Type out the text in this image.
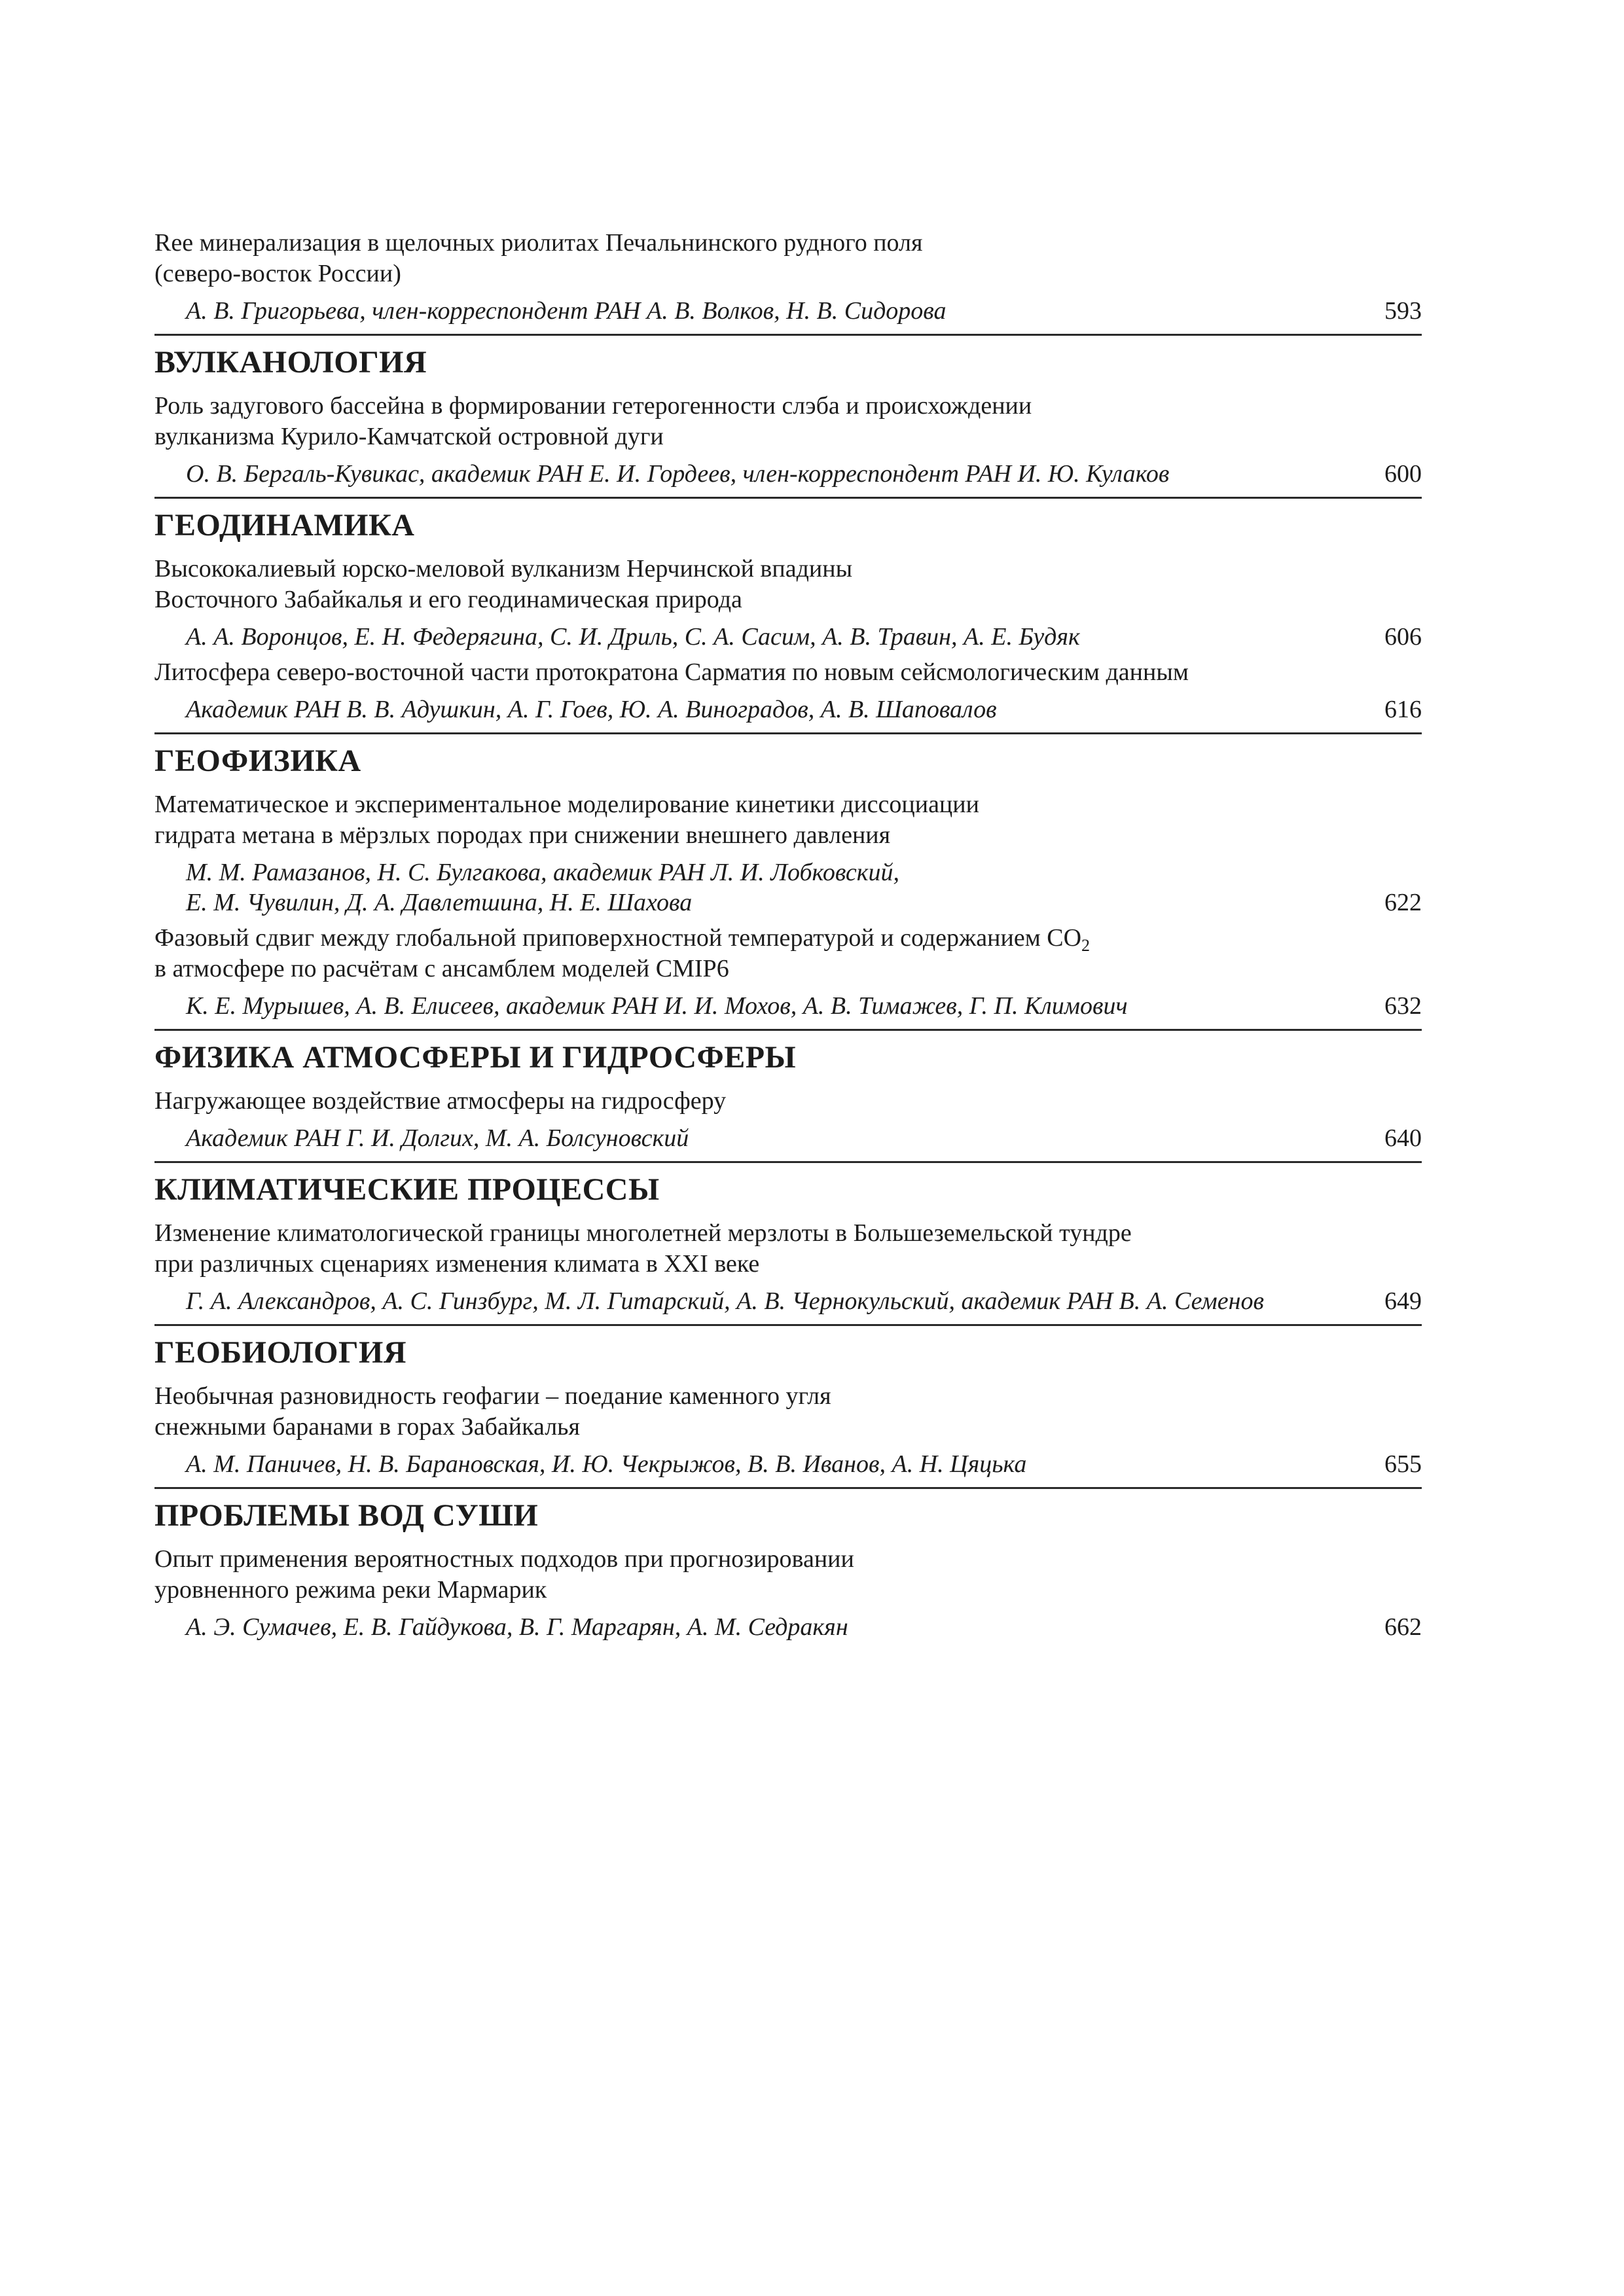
Ree минерализация в щелочных риолитах Печальнинского рудного поля
(северо-восток России)
А. В. Григорьева, член-корреспондент РАН А. В. Волков, Н. В. Сидорова	593
ВУЛКАНОЛОГИЯ
Роль задугового бассейна в формировании гетерогенности слэба и происхождении
вулканизма Курило-Камчатской островной дуги
О. В. Бергаль-Кувикас, академик РАН Е. И. Гордеев, член-корреспондент РАН И. Ю. Кулаков	600
ГЕОДИНАМИКА
Высококалиевый юрско-меловой вулканизм Нерчинской впадины
Восточного Забайкалья и его геодинамическая природа
А. А. Воронцов, Е. Н. Федерягина, С. И. Дриль, С. А. Сасим, А. В. Травин, А. Е. Будяк	606
Литосфера северо-восточной части протократона Сарматия по новым сейсмологическим данным
Академик РАН В. В. Адушкин, А. Г. Гоев, Ю. А. Виноградов, А. В. Шаповалов	616
ГЕОФИЗИКА
Математическое и экспериментальное моделирование кинетики диссоциации
гидрата метана в мёрзлых породах при снижении внешнего давления
М. М. Рамазанов, Н. С. Булгакова, академик РАН Л. И. Лобковский,
Е. М. Чувилин, Д. А. Давлетшина, Н. Е. Шахова	622
Фазовый сдвиг между глобальной приповерхностной температурой и содержанием $CO_2$
в атмосфере по расчётам с ансамблем моделей CMIP6
К. Е. Мурышев, А. В. Елисеев, академик РАН И. И. Мохов, А. В. Тимажев, Г. П. Климович	632
ФИЗИКА АТМОСФЕРЫ И ГИДРОСФЕРЫ
Нагружающее воздействие атмосферы на гидросферу
Академик РАН Г. И. Долгих, М. А. Болсуновский	640
КЛИМАТИЧЕСКИЕ ПРОЦЕССЫ
Изменение климатологической границы многолетней мерзлоты в Большеземельской тундре
при различных сценариях изменения климата в XXI веке
Г. А. Александров, А. С. Гинзбург, М. Л. Гитарский, А. В. Чернокульский, академик РАН В. А. Семенов	649
ГЕОБИОЛОГИЯ
Необычная разновидность геофагии – поедание каменного угля
снежными баранами в горах Забайкалья
А. М. Паничев, Н. В. Барановская, И. Ю. Чекрыжов, В. В. Иванов, А. Н. Цяцька	655
ПРОБЛЕМЫ ВОД СУШИ
Опыт применения вероятностных подходов при прогнозировании
уровненного режима реки Мармарик
А. Э. Сумачев, Е. В. Гайдукова, В. Г. Маргарян, А. М. Седракян	662
